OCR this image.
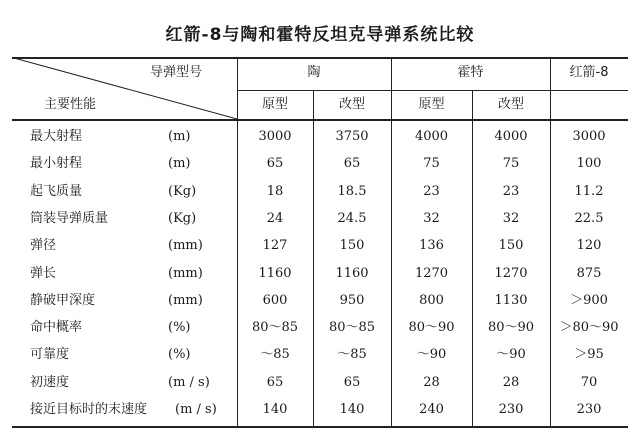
红箭-8与陶和霍特反坦克导弹系统比较
导弹型号
主要性能
陶	霍特	红箭-8
原型	改型	原型	改型
最大射程	(m)	3000	3750	4000	4000	3000
最小射程	(m)	65	65	75	75	100
起飞质量	(Kg)	18	18.5	23	23	11.2
筒装导弹质量	(Kg)	24	24.5	32	32	22.5
弹径	(mm)	127	150	136	150	120
弹长	(mm)	1160	1160	1270	1270	875
静破甲深度	(mm)	600	950	800	1130	＞900
命中概率	(%)	80～85	80～85	80～90	80～90	＞80～90
可靠度	(%)	～85	～85	～90	～90	＞95
初速度	(m / s)	65	65	28	28	70
接近目标时的末速度 (m / s)	140	140	240	230	230
